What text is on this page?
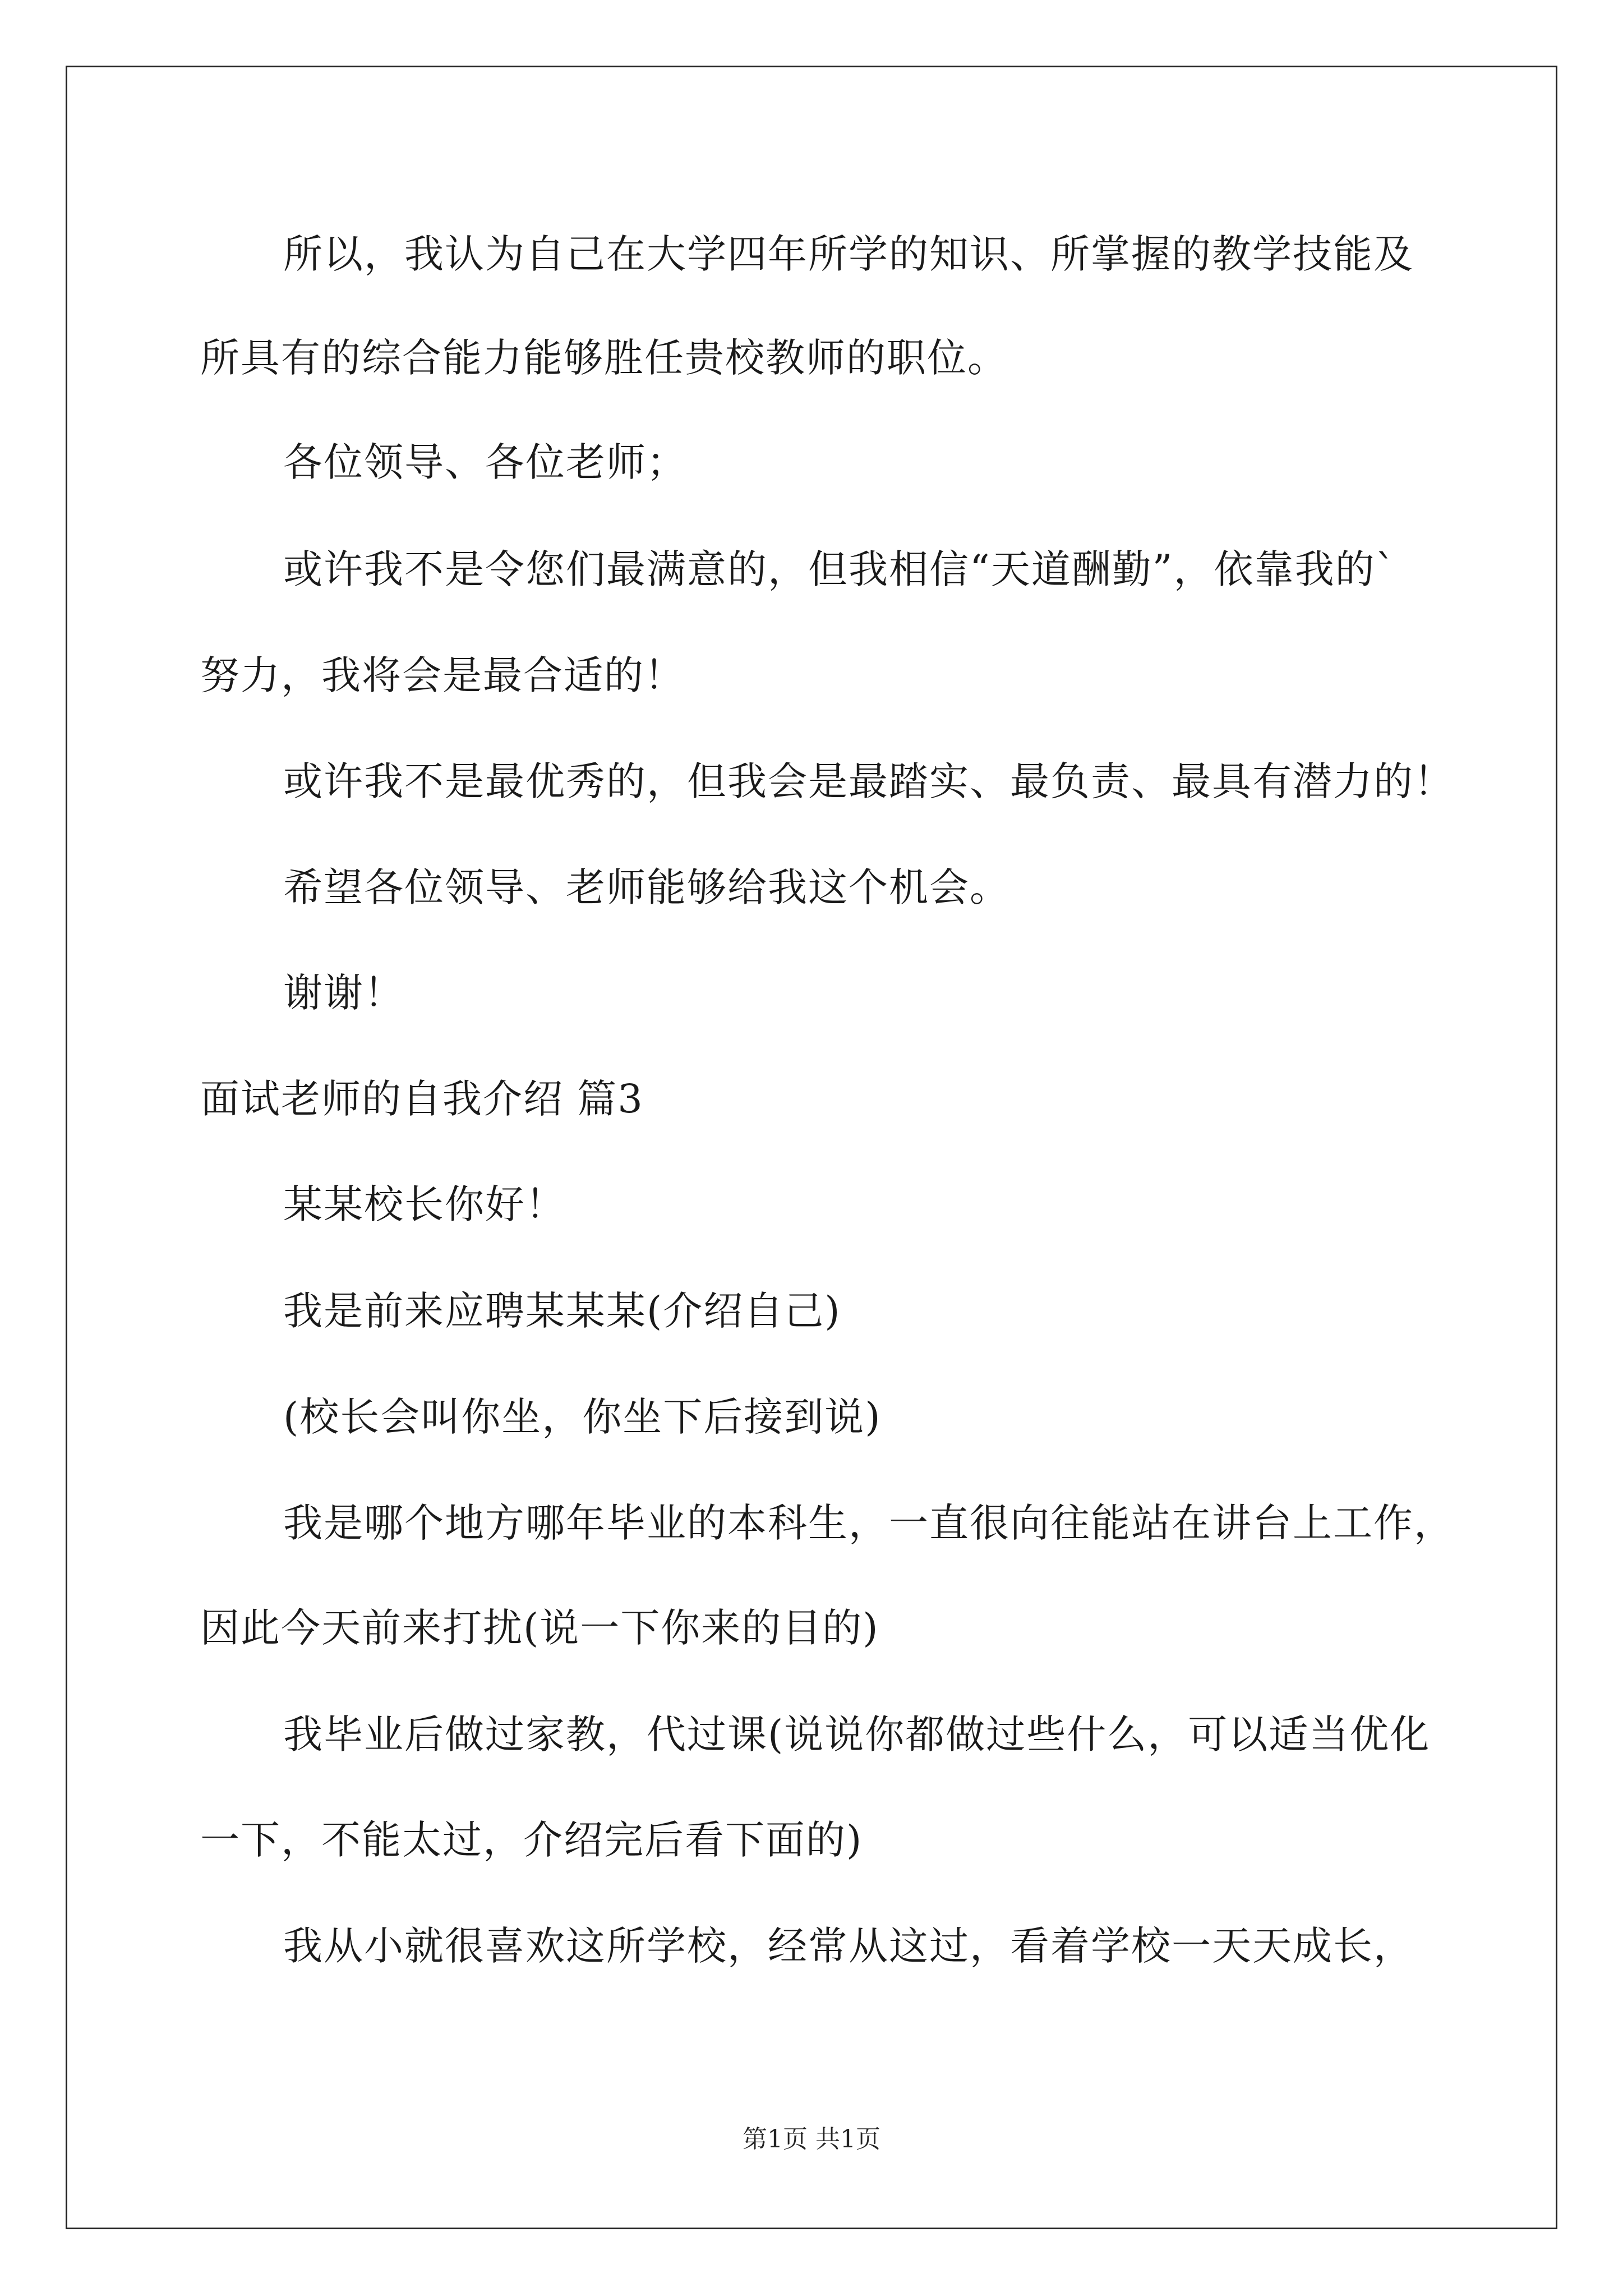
所以，我认为自己在大学四年所学的知识、所掌握的教学技能及
所具有的综合能力能够胜任贵校教师的职位。
各位领导、各位老师；
或许我不是令您们最满意的，但我相信“天道酬勤”，依靠我的`
努力，我将会是最合适的！
或许我不是最优秀的，但我会是最踏实、最负责、最具有潜力的！
希望各位领导、老师能够给我这个机会。
谢谢！
面试老师的自我介绍 篇3
某某校长你好！
我是前来应聘某某某(介绍自己)
(校长会叫你坐，你坐下后接到说)
我是哪个地方哪年毕业的本科生，一直很向往能站在讲台上工作，
因此今天前来打扰(说一下你来的目的)
我毕业后做过家教，代过课(说说你都做过些什么，可以适当优化
一下，不能太过，介绍完后看下面的)
我从小就很喜欢这所学校，经常从这过，看着学校一天天成长，
第1页 共1页
